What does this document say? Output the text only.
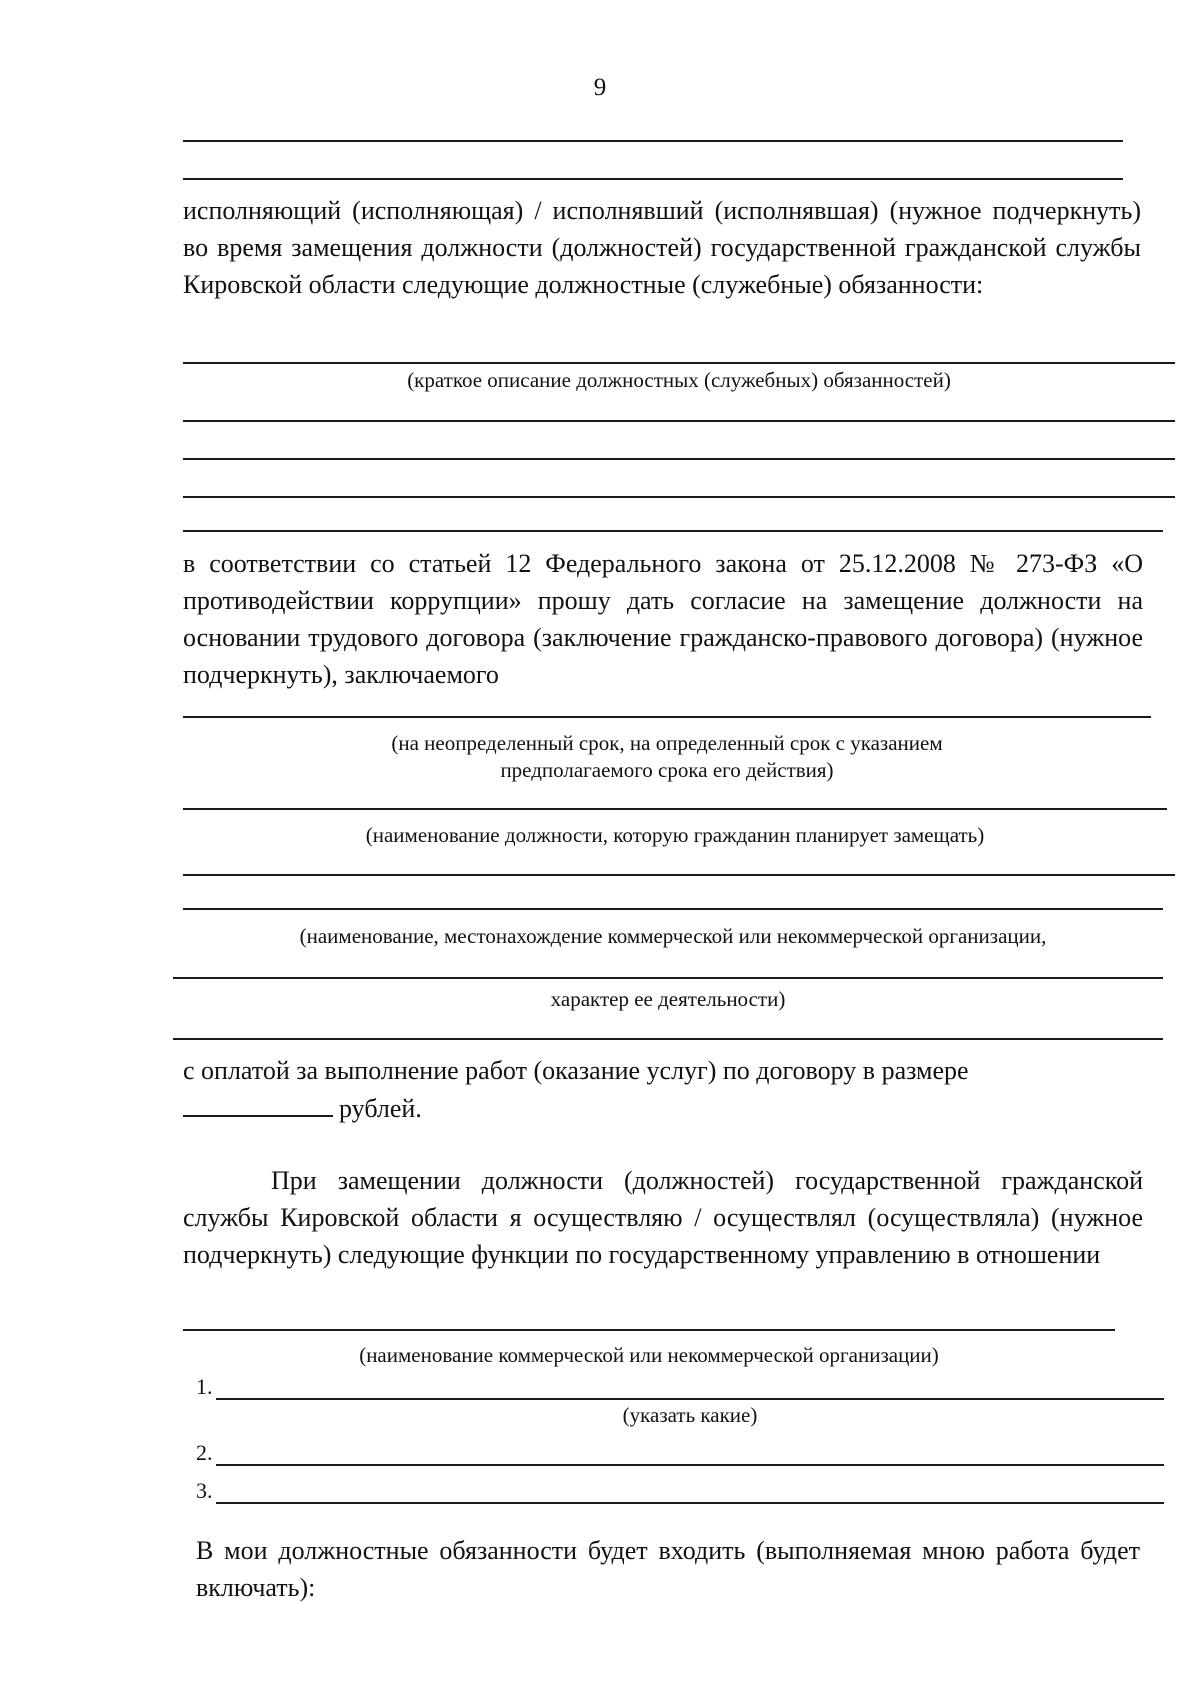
9
исполняющий (исполняющая) / исполнявший (исполнявшая) (нужное подчеркнуть) во время замещения должности (должностей) государственной гражданской службы Кировской области следующие должностные (служебные) обязанности:
(краткое описание должностных (служебных) обязанностей)
в соответствии со статьей 12 Федерального закона от 25.12.2008 № 273-ФЗ «О противодействии коррупции» прошу дать согласие на замещение должности на основании трудового договора (заключение гражданско-правового договора) (нужное подчеркнуть), заключаемого
(на неопределенный срок, на определенный срок с указанием
предполагаемого срока его действия)
(наименование должности, которую гражданин планирует замещать)
(наименование, местонахождение коммерческой или некоммерческой организации,
характер ее деятельности)
с оплатой за выполнение работ (оказание услуг) по договору в размере
рублей.
При замещении должности (должностей) государственной гражданской службы Кировской области я осуществляю / осуществлял (осуществляла) (нужное подчеркнуть) следующие функции по государственному управлению в отношении
(наименование коммерческой или некоммерческой организации)
1.
(указать какие)
2.
3.
В мои должностные обязанности будет входить (выполняемая мною работа будет включать):
